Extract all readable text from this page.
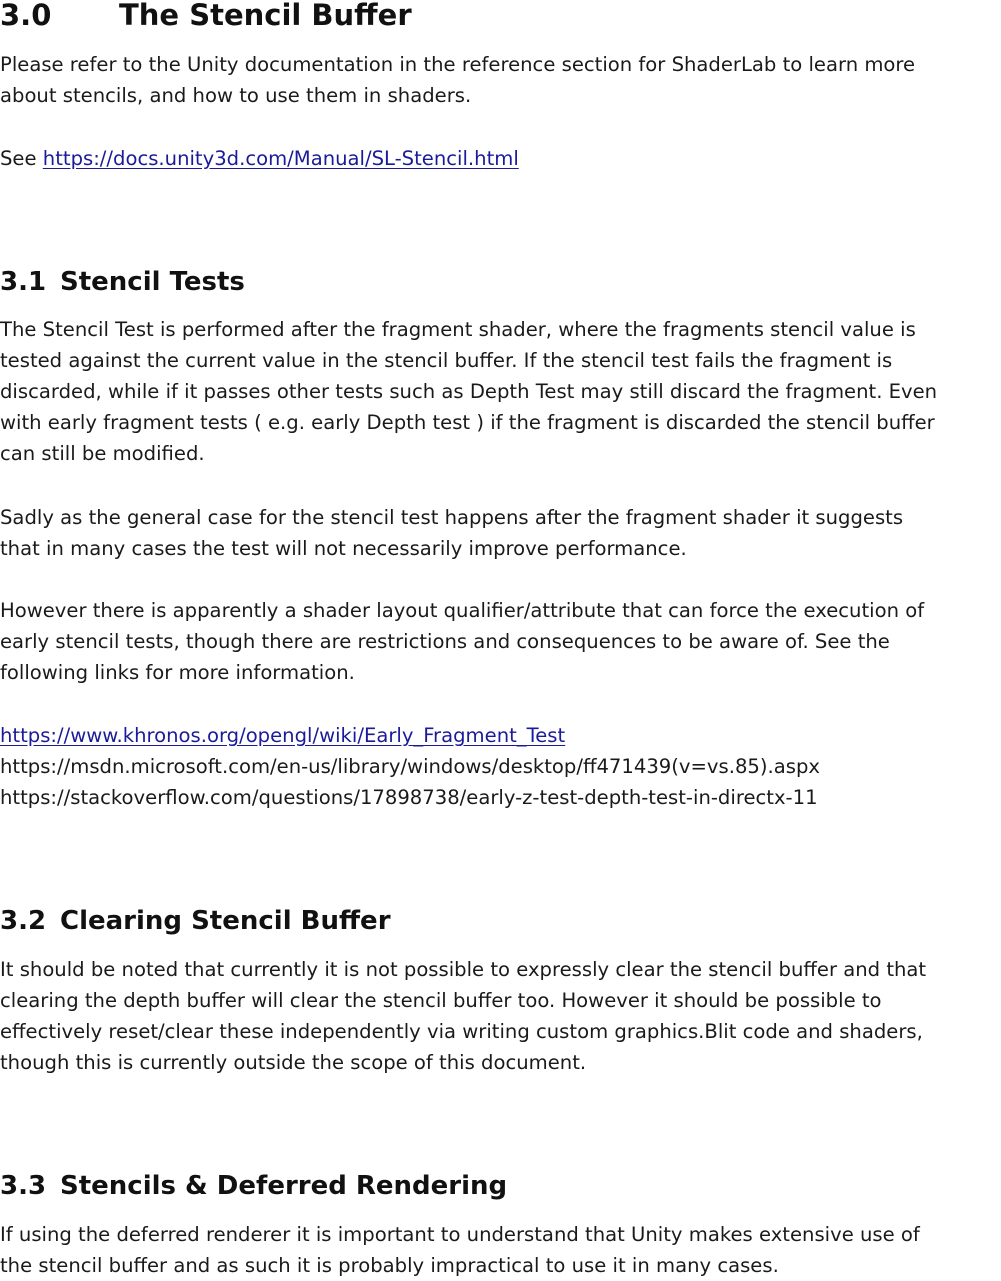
3.0 The Stencil Buffer
Please refer to the Unity documentation in the reference section for ShaderLab to learn more
about stencils, and how to use them in shaders.
See https://docs.unity3d.com/Manual/SL-Stencil.html
3.1 Stencil Tests
The Stencil Test is performed after the fragment shader, where the fragments stencil value is
tested against the current value in the stencil buffer. If the stencil test fails the fragment is
discarded, while if it passes other tests such as Depth Test may still discard the fragment. Even
with early fragment tests ( e.g. early Depth test ) if the fragment is discarded the stencil buffer
can still be modified.
Sadly as the general case for the stencil test happens after the fragment shader it suggests
that in many cases the test will not necessarily improve performance.
However there is apparently a shader layout qualifier/attribute that can force the execution of
early stencil tests, though there are restrictions and consequences to be aware of. See the
following links for more information.
https://www.khronos.org/opengl/wiki/Early_Fragment_Test
https://msdn.microsoft.com/en-us/library/windows/desktop/ff471439(v=vs.85).aspx
https://stackoverflow.com/questions/17898738/early-z-test-depth-test-in-directx-11
3.2 Clearing Stencil Buffer
It should be noted that currently it is not possible to expressly clear the stencil buffer and that
clearing the depth buffer will clear the stencil buffer too. However it should be possible to
effectively reset/clear these independently via writing custom graphics.Blit code and shaders,
though this is currently outside the scope of this document.
3.3 Stencils & Deferred Rendering
If using the deferred renderer it is important to understand that Unity makes extensive use of
the stencil buffer and as such it is probably impractical to use it in many cases.
